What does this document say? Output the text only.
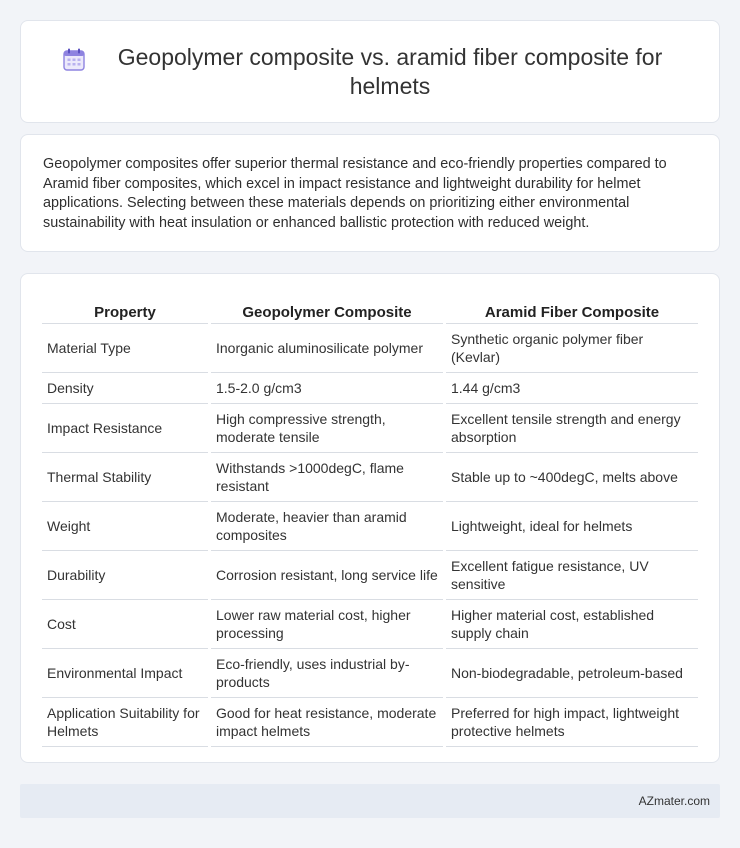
Geopolymer composite vs. aramid fiber composite for helmets

Geopolymer composites offer superior thermal resistance and eco-friendly properties compared to Aramid fiber composites, which excel in impact resistance and lightweight durability for helmet applications. Selecting between these materials depends on prioritizing either environmental sustainability with heat insulation or enhanced ballistic protection with reduced weight.

Property	Geopolymer Composite	Aramid Fiber Composite
Material Type	Inorganic aluminosilicate polymer	Synthetic organic polymer fiber (Kevlar)
Density	1.5-2.0 g/cm3	1.44 g/cm3
Impact Resistance	High compressive strength, moderate tensile	Excellent tensile strength and energy absorption
Thermal Stability	Withstands >1000degC, flame resistant	Stable up to ~400degC, melts above
Weight	Moderate, heavier than aramid composites	Lightweight, ideal for helmets
Durability	Corrosion resistant, long service life	Excellent fatigue resistance, UV sensitive
Cost	Lower raw material cost, higher processing	Higher material cost, established supply chain
Environmental Impact	Eco-friendly, uses industrial by-products	Non-biodegradable, petroleum-based
Application Suitability for Helmets	Good for heat resistance, moderate impact helmets	Preferred for high impact, lightweight protective helmets
AZmater.com
